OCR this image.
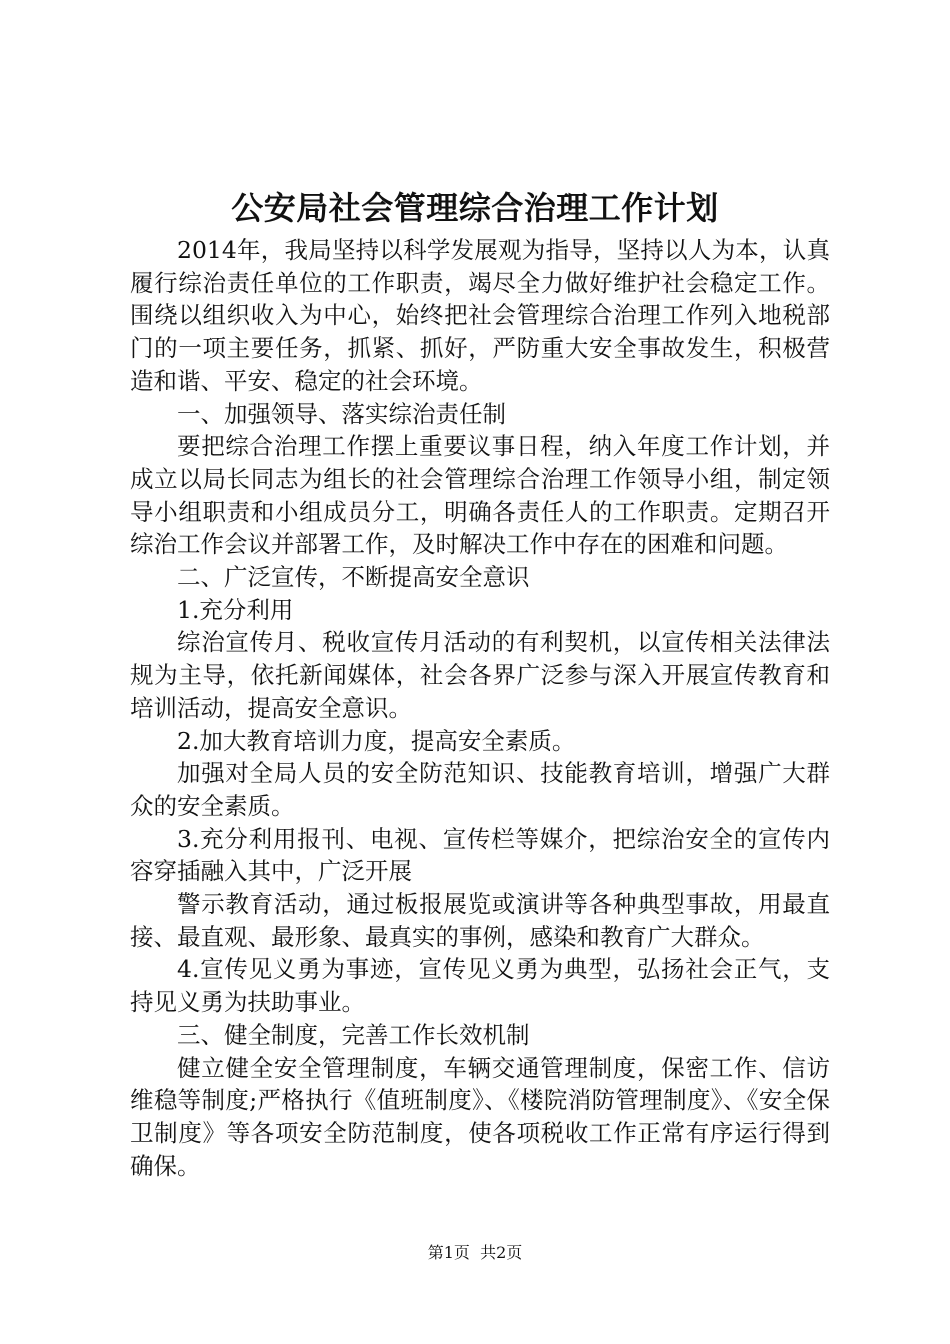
公安局社会管理综合治理工作计划

2014年，我局坚持以科学发展观为指导，坚持以人为本，认真履行综治责任单位的工作职责，竭尽全力做好维护社会稳定工作。围绕以组织收入为中心，始终把社会管理综合治理工作列入地税部门的一项主要任务，抓紧、抓好，严防重大安全事故发生，积极营造和谐、平安、稳定的社会环境。

一、加强领导、落实综治责任制

要把综合治理工作摆上重要议事日程，纳入年度工作计划，并成立以局长同志为组长的社会管理综合治理工作领导小组，制定领导小组职责和小组成员分工，明确各责任人的工作职责。定期召开综治工作会议并部署工作，及时解决工作中存在的困难和问题。

二、广泛宣传，不断提高安全意识

1.充分利用

综治宣传月、税收宣传月活动的有利契机，以宣传相关法律法规为主导，依托新闻媒体，社会各界广泛参与深入开展宣传教育和培训活动，提高安全意识。

2.加大教育培训力度，提高安全素质。

加强对全局人员的安全防范知识、技能教育培训，增强广大群众的安全素质。

3.充分利用报刊、电视、宣传栏等媒介，把综治安全的宣传内容穿插融入其中，广泛开展

警示教育活动，通过板报展览或演讲等各种典型事故，用最直接、最直观、最形象、最真实的事例，感染和教育广大群众。

4.宣传见义勇为事迹，宣传见义勇为典型，弘扬社会正气，支持见义勇为扶助事业。

三、健全制度，完善工作长效机制

健立健全安全管理制度，车辆交通管理制度，保密工作、信访维稳等制度;严格执行《值班制度》、《楼院消防管理制度》、《安全保卫制度》等各项安全防范制度，使各项税收工作正常有序运行得到确保。

第1页  共2页
